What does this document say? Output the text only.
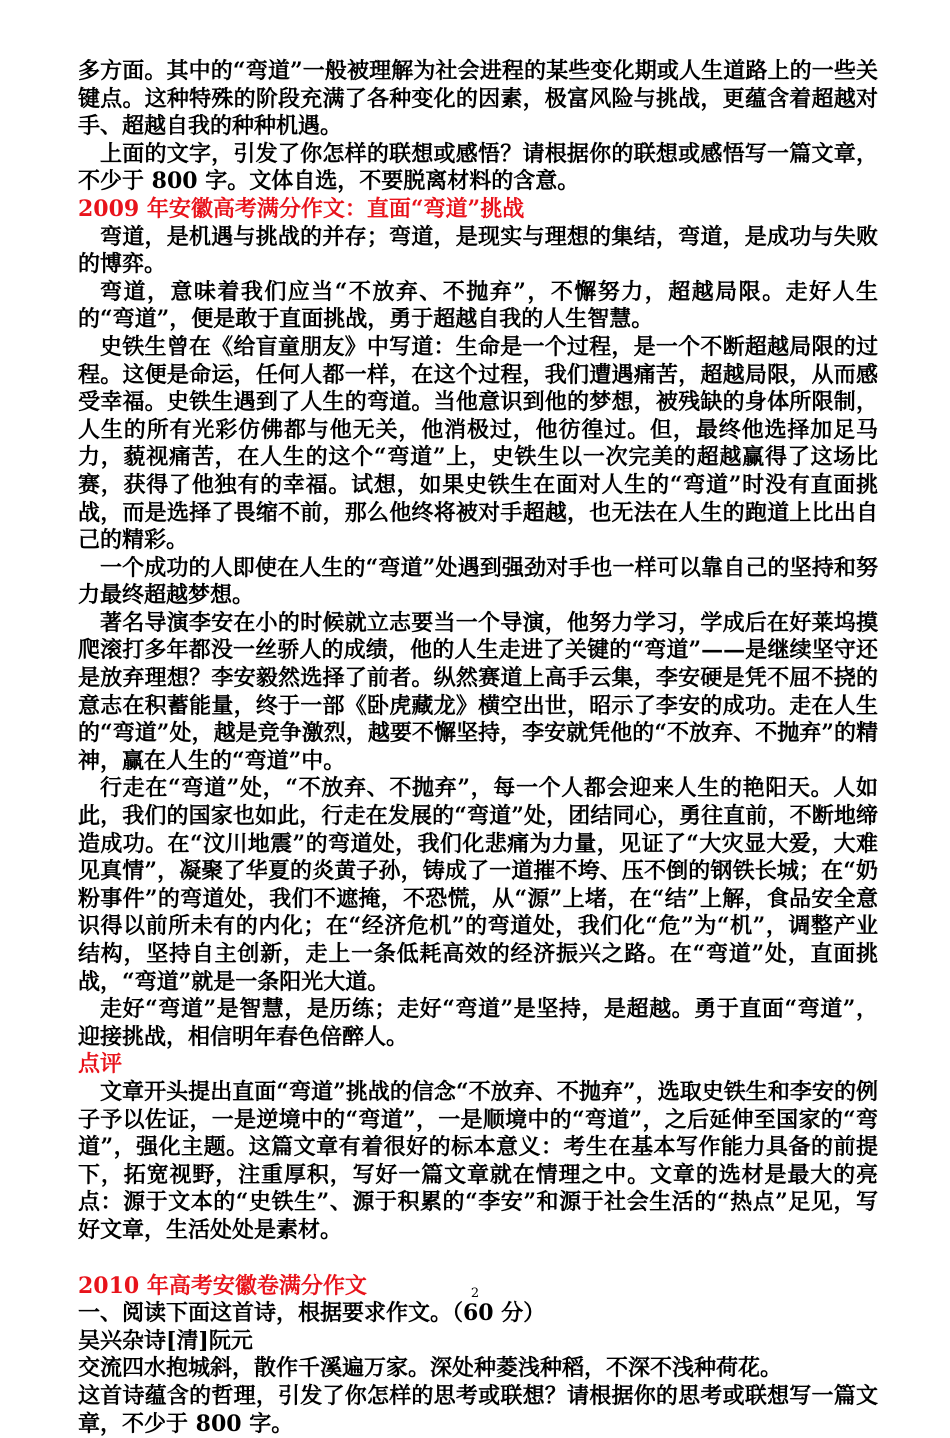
多方面。其中的“弯道”一般被理解为社会进程的某些变化期或人生道路上的一些关键点。这种特殊的阶段充满了各种变化的因素，极富风险与挑战，更蕴含着超越对手、超越自我的种种机遇。

上面的文字，引发了你怎样的联想或感悟？请根据你的联想或感悟写一篇文章，不少于 800 字。文体自选，不要脱离材料的含意。

2009 年安徽高考满分作文：直面“弯道”挑战

弯道，是机遇与挑战的并存；弯道，是现实与理想的集结，弯道，是成功与失败的博弈。

弯道，意味着我们应当“不放弃、不抛弃”，不懈努力，超越局限。走好人生的“弯道”，便是敢于直面挑战，勇于超越自我的人生智慧。

史铁生曾在《给盲童朋友》中写道：生命是一个过程，是一个不断超越局限的过程。这便是命运，任何人都一样，在这个过程，我们遭遇痛苦，超越局限，从而感受幸福。史铁生遇到了人生的弯道。当他意识到他的梦想，被残缺的身体所限制，人生的所有光彩仿佛都与他无关，他消极过，他彷徨过。但，最终他选择加足马力，藐视痛苦，在人生的这个“弯道”上，史铁生以一次完美的超越赢得了这场比赛，获得了他独有的幸福。试想，如果史铁生在面对人生的“弯道”时没有直面挑战，而是选择了畏缩不前，那么他终将被对手超越，也无法在人生的跑道上比出自己的精彩。

一个成功的人即使在人生的“弯道”处遇到强劲对手也一样可以靠自己的坚持和努力最终超越梦想。

著名导演李安在小的时候就立志要当一个导演，他努力学习，学成后在好莱坞摸爬滚打多年都没一丝骄人的成绩，他的人生走进了关键的“弯道”——是继续坚守还是放弃理想？李安毅然选择了前者。纵然赛道上高手云集，李安硬是凭不屈不挠的意志在积蓄能量，终于一部《卧虎藏龙》横空出世，昭示了李安的成功。走在人生的“弯道”处，越是竞争激烈，越要不懈坚持，李安就凭他的“不放弃、不抛弃”的精神，赢在人生的“弯道”中。

行走在“弯道”处，“不放弃、不抛弃”，每一个人都会迎来人生的艳阳天。人如此，我们的国家也如此，行走在发展的“弯道”处，团结同心，勇往直前，不断地缔造成功。在“汶川地震”的弯道处，我们化悲痛为力量，见证了“大灾显大爱，大难见真情”，凝聚了华夏的炎黄子孙，铸成了一道摧不垮、压不倒的钢铁长城；在“奶粉事件”的弯道处，我们不遮掩，不恐慌，从“源”上堵，在“结”上解，食品安全意识得以前所未有的内化；在“经济危机”的弯道处，我们化“危”为“机”，调整产业结构，坚持自主创新，走上一条低耗高效的经济振兴之路。在“弯道”处，直面挑战，“弯道”就是一条阳光大道。

走好“弯道”是智慧，是历练；走好“弯道”是坚持，是超越。勇于直面“弯道”，迎接挑战，相信明年春色倍醉人。

点评

文章开头提出直面“弯道”挑战的信念“不放弃、不抛弃”，选取史铁生和李安的例子予以佐证，一是逆境中的“弯道”，一是顺境中的“弯道”，之后延伸至国家的“弯道”，强化主题。这篇文章有着很好的标本意义：考生在基本写作能力具备的前提下，拓宽视野，注重厚积，写好一篇文章就在情理之中。文章的选材是最大的亮点：源于文本的“史铁生”、源于积累的“李安”和源于社会生活的“热点”足见，写好文章，生活处处是素材。

2010 年高考安徽卷满分作文

一、阅读下面这首诗，根据要求作文。（60 分）

吴兴杂诗[清]阮元

交流四水抱城斜，散作千溪遍万家。深处种菱浅种稻，不深不浅种荷花。

这首诗蕴含的哲理，引发了你怎样的思考或联想？请根据你的思考或联想写一篇文章，不少于 800 字。

2
